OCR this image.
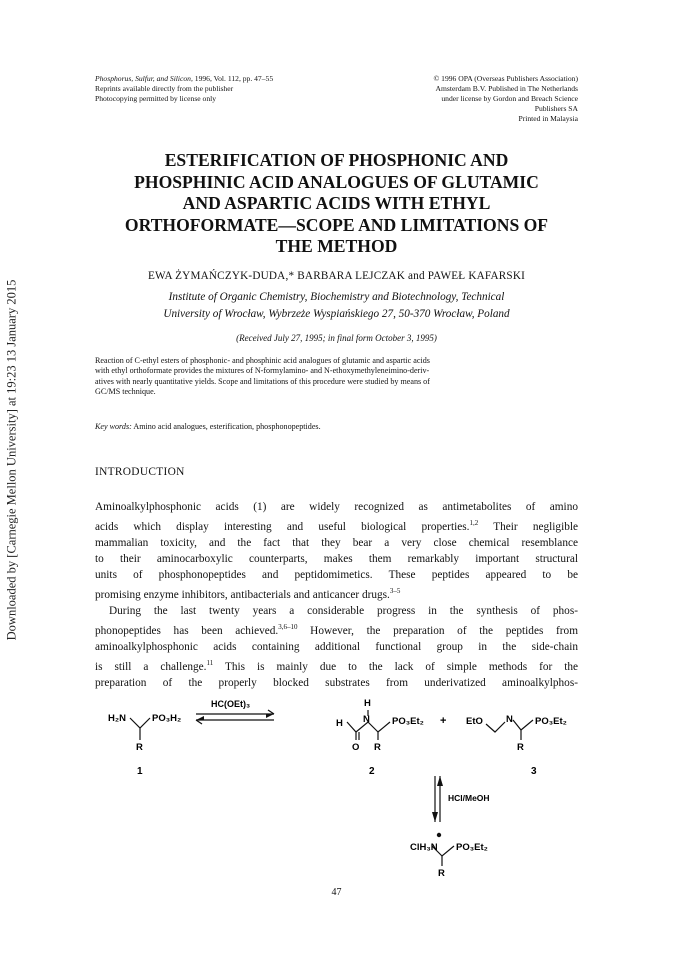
Downloaded by [Carnegie Mellon University] at 19:23 13 January 2015
Phosphorus, Sulfur, and Silicon, 1996, Vol. 112, pp. 47–55
Reprints available directly from the publisher
Photocopying permitted by license only
© 1996 OPA (Overseas Publishers Association)
Amsterdam B.V. Published in The Netherlands
under license by Gordon and Breach Science
Publishers SA
Printed in Malaysia
ESTERIFICATION OF PHOSPHONIC AND
PHOSPHINIC ACID ANALOGUES OF GLUTAMIC
AND ASPARTIC ACIDS WITH ETHYL
ORTHOFORMATE—SCOPE AND LIMITATIONS OF
THE METHOD
EWA ŻYMAŃCZYK-DUDA,* BARBARA LEJCZAK and PAWEŁ KAFARSKI
Institute of Organic Chemistry, Biochemistry and Biotechnology, Technical
University of Wrocław, Wybrzeże Wyspiańskiego 27, 50-370 Wrocław, Poland
(Received July 27, 1995; in final form October 3, 1995)
Reaction of C-ethyl esters of phosphonic- and phosphinic acid analogues of glutamic and aspartic acids
with ethyl orthoformate provides the mixtures of N-formylamino- and N-ethoxymethyleneimino-deriv-
atives with nearly quantitative yields. Scope and limitations of this procedure were studied by means of
GC/MS technique.
Key words: Amino acid analogues, esterification, phosphonopeptides.
INTRODUCTION
Aminoalkylphosphonic acids (1) are widely recognized as antimetabolites of amino
acids which display interesting and useful biological properties.$^{1,2}$ Their negligible
mammalian toxicity, and the fact that they bear a very close chemical resemblance
to their aminocarboxylic counterparts, makes them remarkably important structural
units of phosphonopeptides and peptidomimetics. These peptides appeared to be
promising enzyme inhibitors, antibacterials and anticancer drugs.$^{3-5}$
During the last twenty years a considerable progress in the synthesis of phos-
phonopeptides has been achieved.$^{3,6-10}$ However, the preparation of the peptides from
aminoalkylphosphonic acids containing additional functional group in the side-chain
is still a challenge.$^{11}$ This is mainly due to the lack of simple methods for the
preparation of the properly blocked substrates from underivatized aminoalkylphos-
H₂N	PO₃H₂
R
1
HC(OEt)₃	H
H N
O
PO₃Et₂
R
2
+ EtO N PO₃Et₂
R
3
HCl/MeOH
ClH₃N PO₃Et₂
R
47
